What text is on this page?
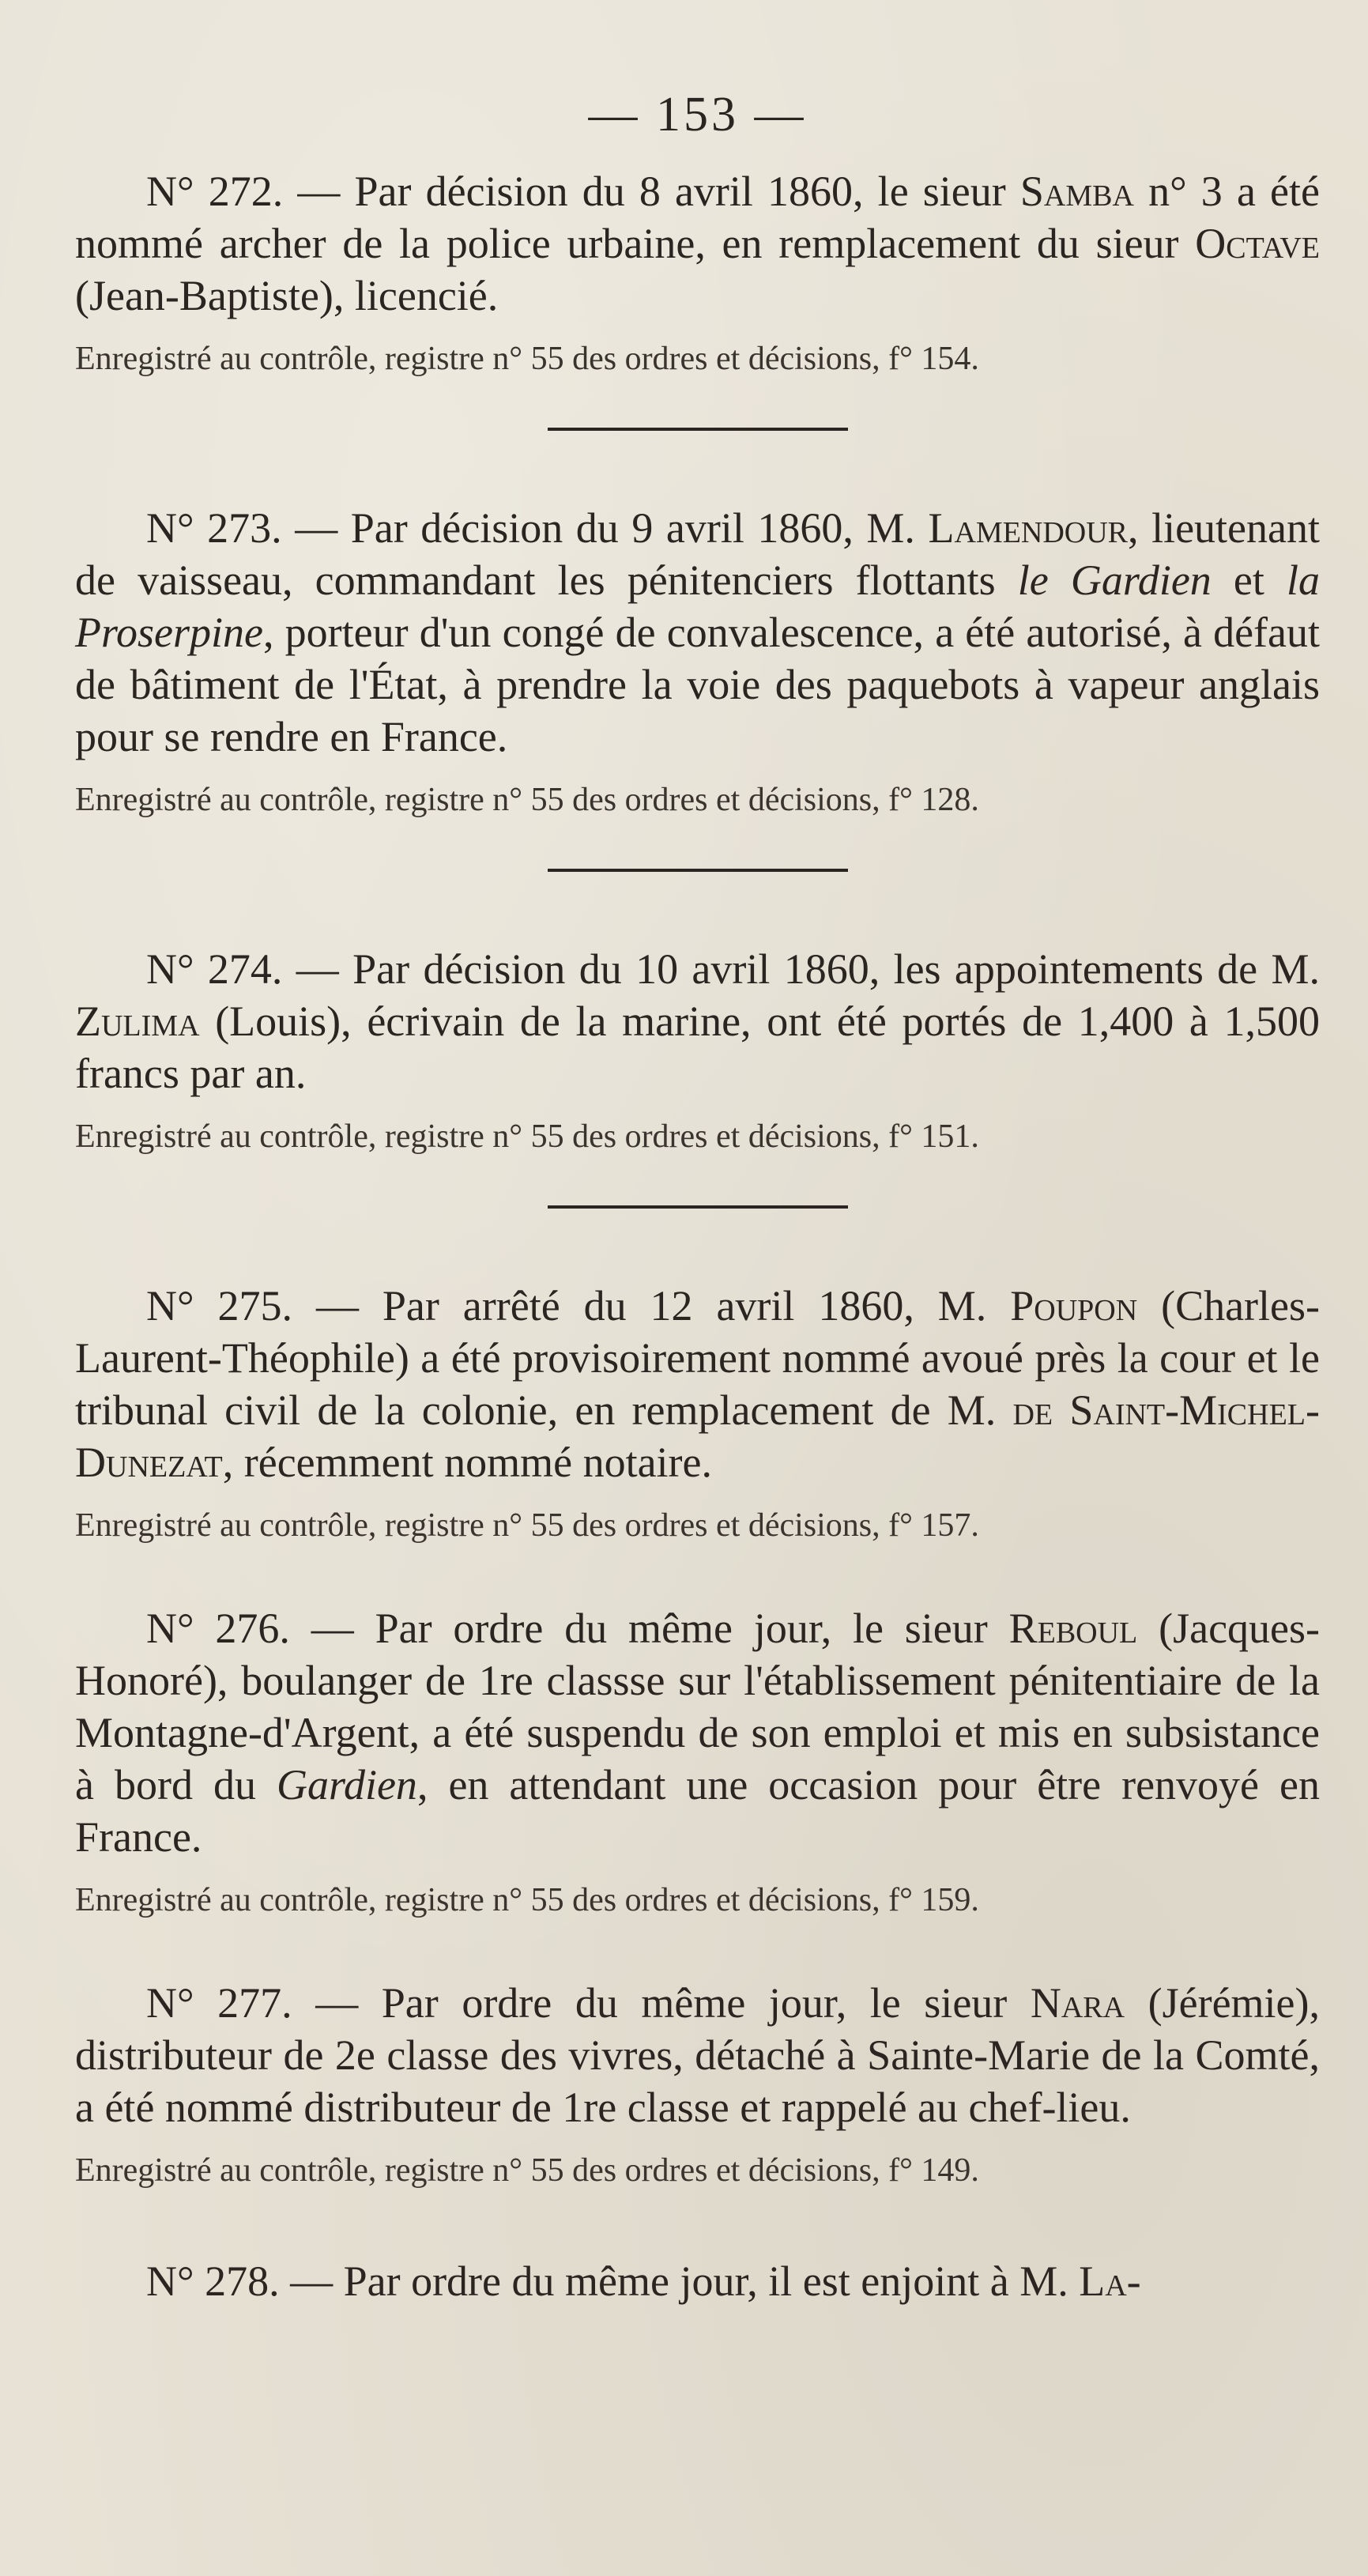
— 153 —

N° 272. — Par décision du 8 avril 1860, le sieur Samba n° 3 a été nommé archer de la police urbaine, en remplacement du sieur Octave (Jean-Baptiste), licencié.

Enregistré au contrôle, registre n° 55 des ordres et décisions, f° 154.

N° 273. — Par décision du 9 avril 1860, M. Lamendour, lieutenant de vaisseau, commandant les pénitenciers flottants le Gardien et la Proserpine, porteur d'un congé de convalescence, a été autorisé, à défaut de bâtiment de l'État, à prendre la voie des paquebots à vapeur anglais pour se rendre en France.

Enregistré au contrôle, registre n° 55 des ordres et décisions, f° 128.

N° 274. — Par décision du 10 avril 1860, les appointements de M. Zulima (Louis), écrivain de la marine, ont été portés de 1,400 à 1,500 francs par an.

Enregistré au contrôle, registre n° 55 des ordres et décisions, f° 151.

N° 275. — Par arrêté du 12 avril 1860, M. Poupon (Charles-Laurent-Théophile) a été provisoirement nommé avoué près la cour et le tribunal civil de la colonie, en remplacement de M. de Saint-Michel-Dunezat, récemment nommé notaire.

Enregistré au contrôle, registre n° 55 des ordres et décisions, f° 157.

N° 276. — Par ordre du même jour, le sieur Reboul (Jacques-Honoré), boulanger de 1re classse sur l'établissement pénitentiaire de la Montagne-d'Argent, a été suspendu de son emploi et mis en subsistance à bord du Gardien, en attendant une occasion pour être renvoyé en France.

Enregistré au contrôle, registre n° 55 des ordres et décisions, f° 159.

N° 277. — Par ordre du même jour, le sieur Nara (Jérémie), distributeur de 2e classe des vivres, détaché à Sainte-Marie de la Comté, a été nommé distributeur de 1re classe et rappelé au chef-lieu.

Enregistré au contrôle, registre n° 55 des ordres et décisions, f° 149.

N° 278. — Par ordre du même jour, il est enjoint à M. La-
